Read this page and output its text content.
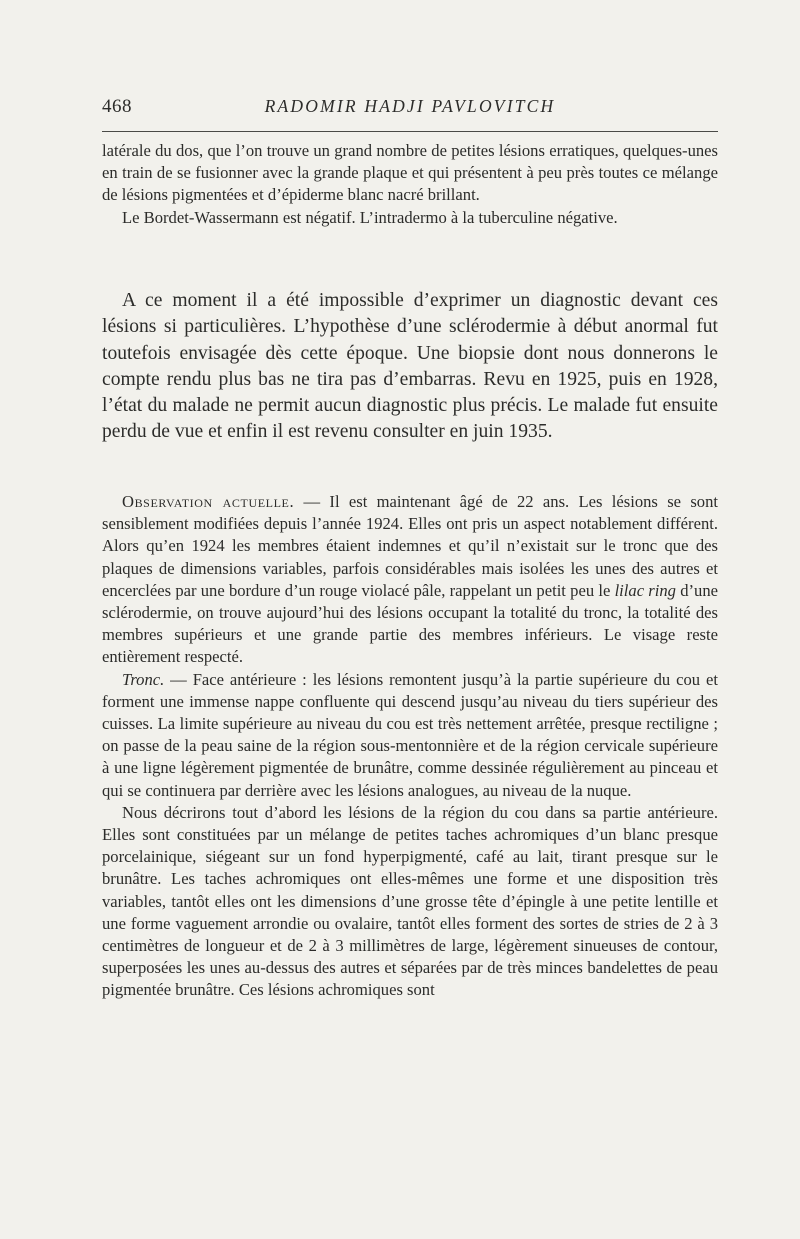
468	RADOMIR HADJI PAVLOVITCH

latérale du dos, que l’on trouve un grand nombre de petites lésions erratiques, quelques-unes en train de se fusionner avec la grande plaque et qui présentent à peu près toutes ce mélange de lésions pigmentées et d’épiderme blanc nacré brillant.

Le Bordet-Wassermann est négatif. L’intradermo à la tuberculine négative.

A ce moment il a été impossible d’exprimer un diagnostic devant ces lésions si particulières. L’hypothèse d’une sclérodermie à début anormal fut toutefois envisagée dès cette époque. Une biopsie dont nous donnerons le compte rendu plus bas ne tira pas d’embarras. Revu en 1925, puis en 1928, l’état du malade ne permit aucun diagnostic plus précis. Le malade fut ensuite perdu de vue et enfin il est revenu consulter en juin 1935.

Observation actuelle. — Il est maintenant âgé de 22 ans. Les lésions se sont sensiblement modifiées depuis l’année 1924. Elles ont pris un aspect notablement différent. Alors qu’en 1924 les membres étaient indemnes et qu’il n’existait sur le tronc que des plaques de dimensions variables, parfois considérables mais isolées les unes des autres et encerclées par une bordure d’un rouge violacé pâle, rappelant un petit peu le lilac ring d’une sclérodermie, on trouve aujourd’hui des lésions occupant la totalité du tronc, la totalité des membres supérieurs et une grande partie des membres inférieurs. Le visage reste entièrement respecté.

Tronc. — Face antérieure : les lésions remontent jusqu’à la partie supérieure du cou et forment une immense nappe confluente qui descend jusqu’au niveau du tiers supérieur des cuisses. La limite supérieure au niveau du cou est très nettement arrêtée, presque rectiligne ; on passe de la peau saine de la région sous-mentonnière et de la région cervicale supérieure à une ligne légèrement pigmentée de brunâtre, comme dessinée régulièrement au pinceau et qui se continuera par derrière avec les lésions analogues, au niveau de la nuque.

Nous décrirons tout d’abord les lésions de la région du cou dans sa partie antérieure. Elles sont constituées par un mélange de petites taches achromiques d’un blanc presque porcelainique, siégeant sur un fond hyperpigmenté, café au lait, tirant presque sur le brunâtre. Les taches achromiques ont elles-mêmes une forme et une disposition très variables, tantôt elles ont les dimensions d’une grosse tête d’épingle à une petite lentille et une forme vaguement arrondie ou ovalaire, tantôt elles forment des sortes de stries de 2 à 3 centimètres de longueur et de 2 à 3 millimètres de large, légèrement sinueuses de contour, superposées les unes au-dessus des autres et séparées par de très minces bandelettes de peau pigmentée brunâtre. Ces lésions achromiques sont
